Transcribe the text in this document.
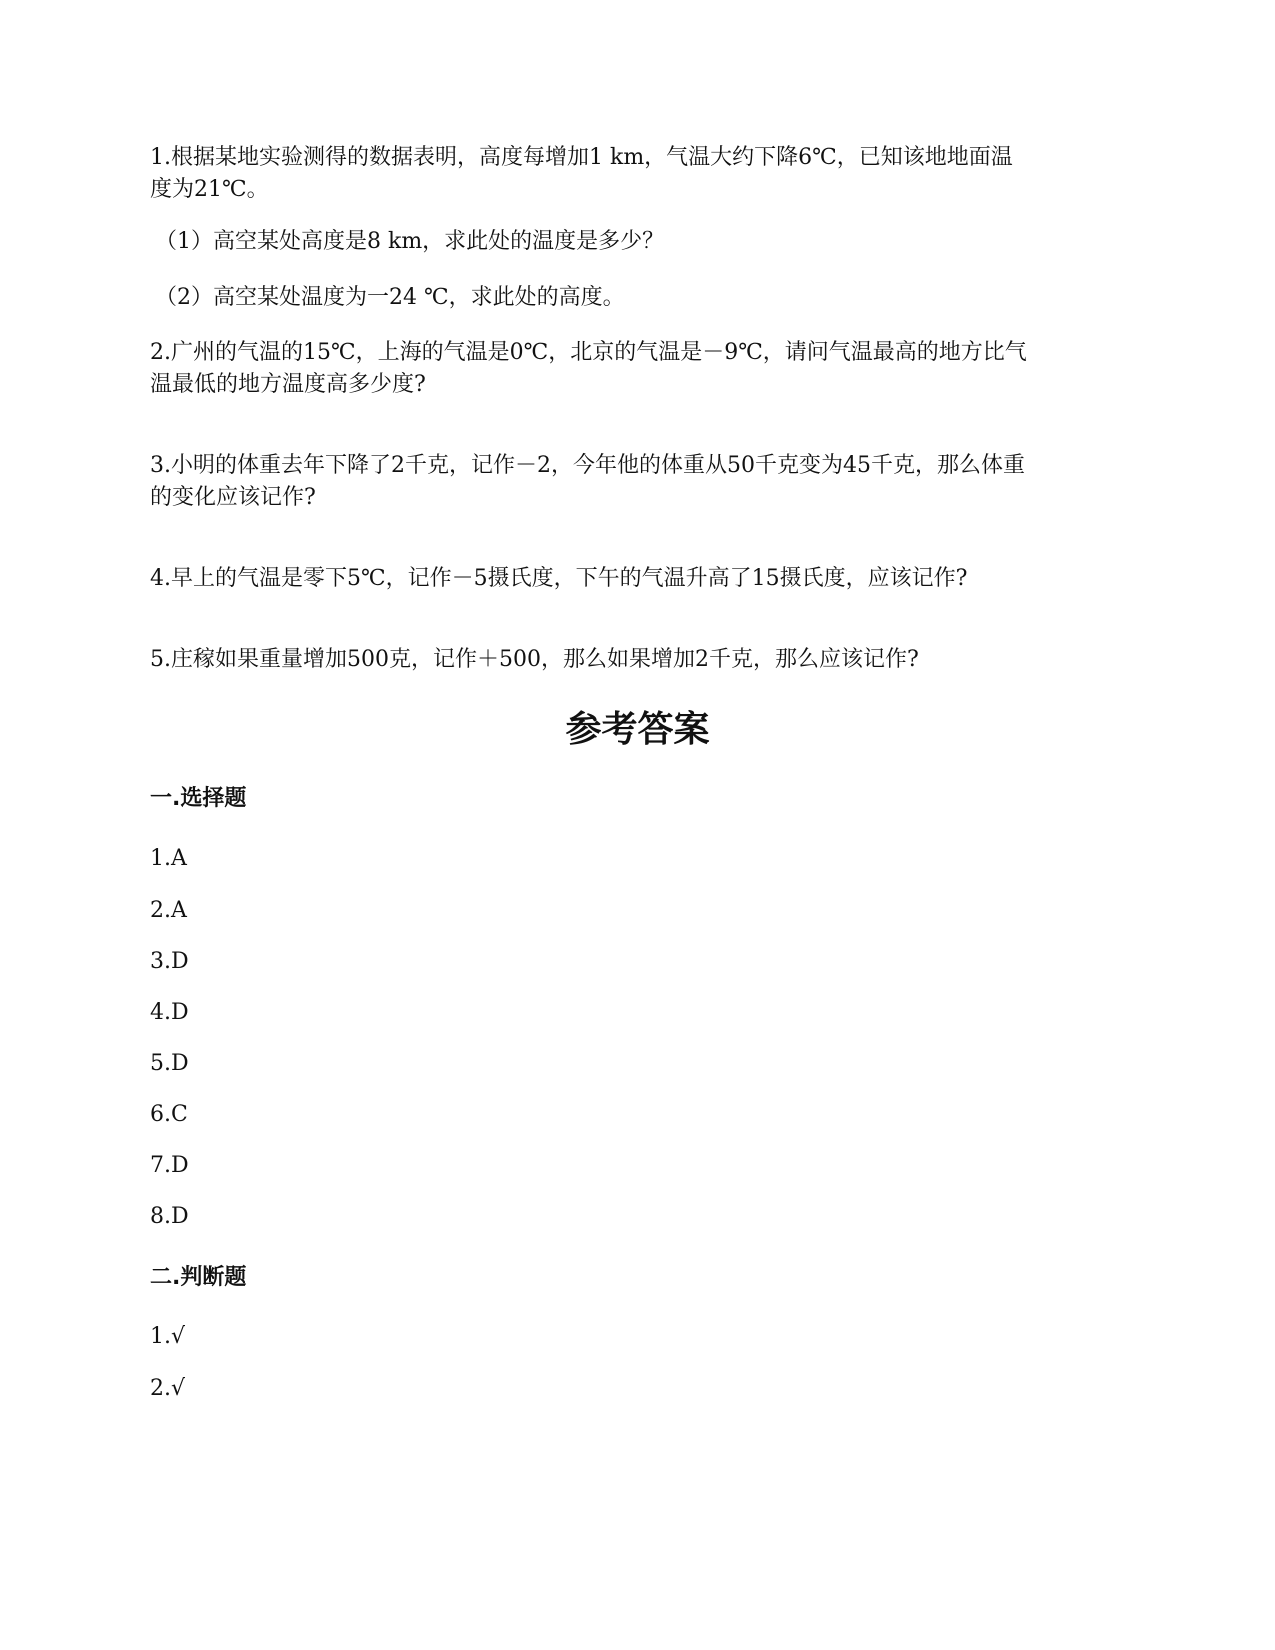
1.根据某地实验测得的数据表明，高度每增加1 km，气温大约下降6℃，已知该地地面温
度为21℃。
（1）高空某处高度是8 km，求此处的温度是多少？
（2）高空某处温度为一24 ℃，求此处的高度。
2.广州的气温的15℃，上海的气温是0℃，北京的气温是－9℃，请问气温最高的地方比气
温最低的地方温度高多少度?
3.小明的体重去年下降了2千克，记作－2，今年他的体重从50千克变为45千克，那么体重
的变化应该记作?
4.早上的气温是零下5℃，记作－5摄氏度，下午的气温升高了15摄氏度，应该记作?
5.庄稼如果重量增加500克，记作＋500，那么如果增加2千克，那么应该记作?
参考答案
一.选择题
1.A
2.A
3.D
4.D
5.D
6.C
7.D
8.D
二.判断题
1.√
2.√
